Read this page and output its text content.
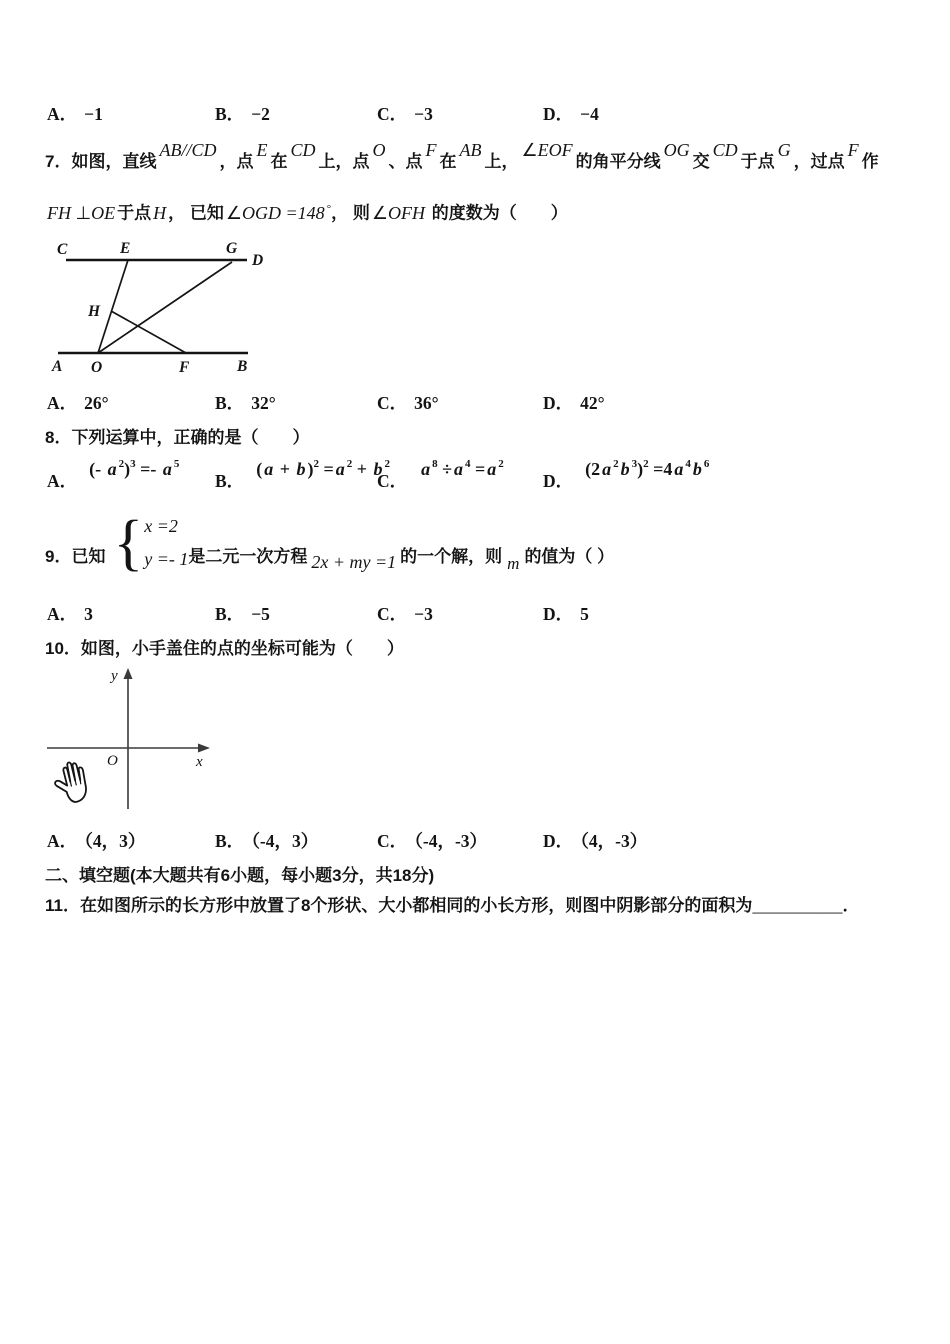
A． −1	B． −2	C． −3	D． −4
7．如图，直线AB//CD，点E在CD上，点O、点F在AB上，∠EOF的角平分线OG交CD于点G，过点F作
FH ⊥OE 于点 H ， 已知 ∠OGD =148 °， 则 ∠OFH 的度数为（　　）
C	E	G
D
H
A O	F	B
A． 26°	B． 32°	C． 36°	D． 42°
8．下列运算中，正确的是（　　）
A．(- a $^2$)$^3$ =- a $^5$
B．( a + b )$^2$ = a $^2$ + b $^2$
C．a $^8$ ÷ a $^4$ = a $^2$
D．(2 a $^2$ b $^3$)$^2$ =4 a $^4$ b $^6$
9．已知 { x =2
y =- 1 是二元一次方程 2x + my =1 的一个解，则 m 的值为（ ）
A． 3	B． −5	C． −3	D． 5
10．如图，小手盖住的点的坐标可能为（　　）
y
x
O
A． （4，3）	B． （-4，3）	C． （-4，-3）	D． （4，-3）
二、填空题(本大题共有6小题，每小题3分，共18分)
11．在如图所示的长方形中放置了8个形状、大小都相同的小长方形，则图中阴影部分的面积为__________．
